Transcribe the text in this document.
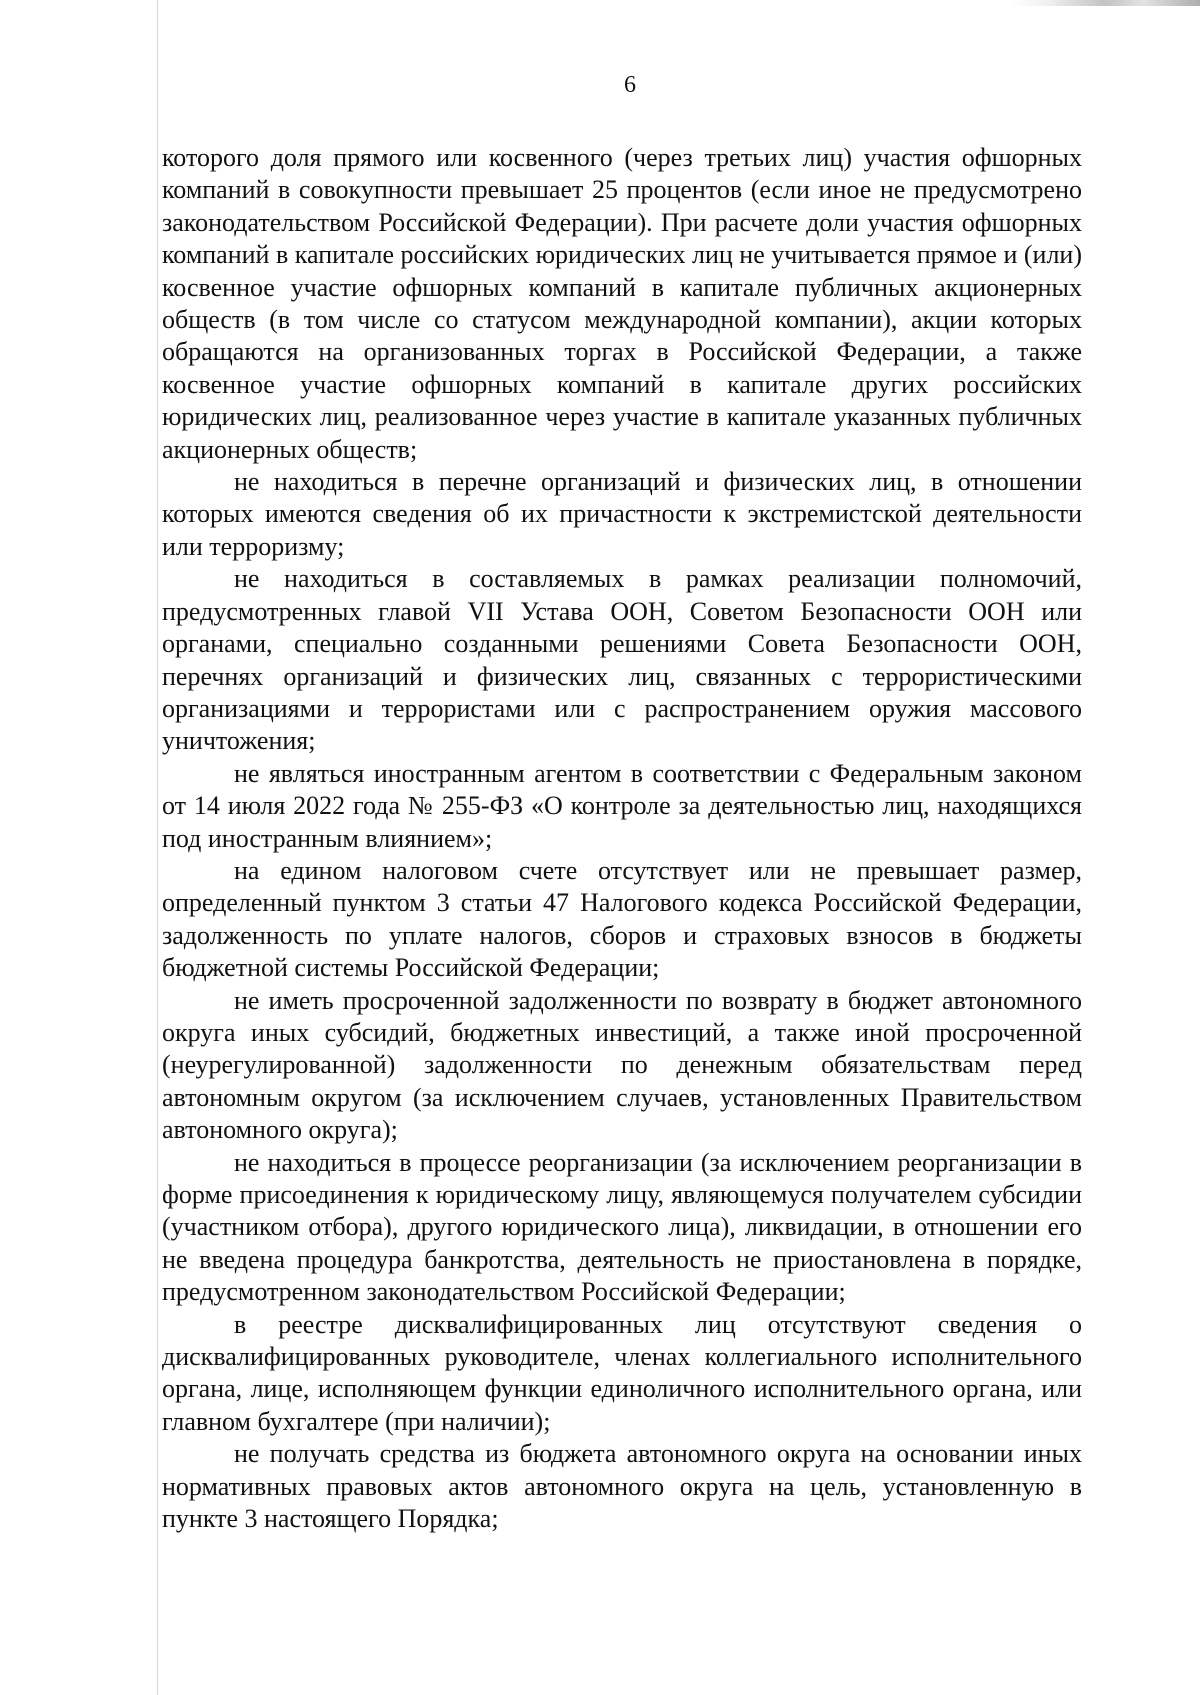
6

которого доля прямого или косвенного (через третьих лиц) участия офшорных компаний в совокупности превышает 25 процентов (если иное не предусмотрено законодательством Российской Федерации). При расчете доли участия офшорных компаний в капитале российских юридических лиц не учитывается прямое и (или) косвенное участие офшорных компаний в капитале публичных акционерных обществ (в том числе со статусом международной компании), акции которых обращаются на организованных торгах в Российской Федерации, а также косвенное участие офшорных компаний в капитале других российских юридических лиц, реализованное через участие в капитале указанных публичных акционерных обществ;

не находиться в перечне организаций и физических лиц, в отношении которых имеются сведения об их причастности к экстремистской деятельности или терроризму;

не находиться в составляемых в рамках реализации полномочий, предусмотренных главой VII Устава ООН, Советом Безопасности ООН или органами, специально созданными решениями Совета Безопасности ООН, перечнях организаций и физических лиц, связанных с террористическими организациями и террористами или с распространением оружия массового уничтожения;

не являться иностранным агентом в соответствии с Федеральным законом от 14 июля 2022 года № 255-ФЗ «О контроле за деятельностью лиц, находящихся под иностранным влиянием»;

на едином налоговом счете отсутствует или не превышает размер, определенный пунктом 3 статьи 47 Налогового кодекса Российской Федерации, задолженность по уплате налогов, сборов и страховых взносов в бюджеты бюджетной системы Российской Федерации;

не иметь просроченной задолженности по возврату в бюджет автономного округа иных субсидий, бюджетных инвестиций, а также иной просроченной (неурегулированной) задолженности по денежным обязательствам перед автономным округом (за исключением случаев, установленных Правительством автономного округа);

не находиться в процессе реорганизации (за исключением реорганизации в форме присоединения к юридическому лицу, являющемуся получателем субсидии (участником отбора), другого юридического лица), ликвидации, в отношении его не введена процедура банкротства, деятельность не приостановлена в порядке, предусмотренном законодательством Российской Федерации;

в реестре дисквалифицированных лиц отсутствуют сведения о дисквалифицированных руководителе, членах коллегиального исполнительного органа, лице, исполняющем функции единоличного исполнительного органа, или главном бухгалтере (при наличии);

не получать средства из бюджета автономного округа на основании иных нормативных правовых актов автономного округа на цель, установленную в пункте 3 настоящего Порядка;
